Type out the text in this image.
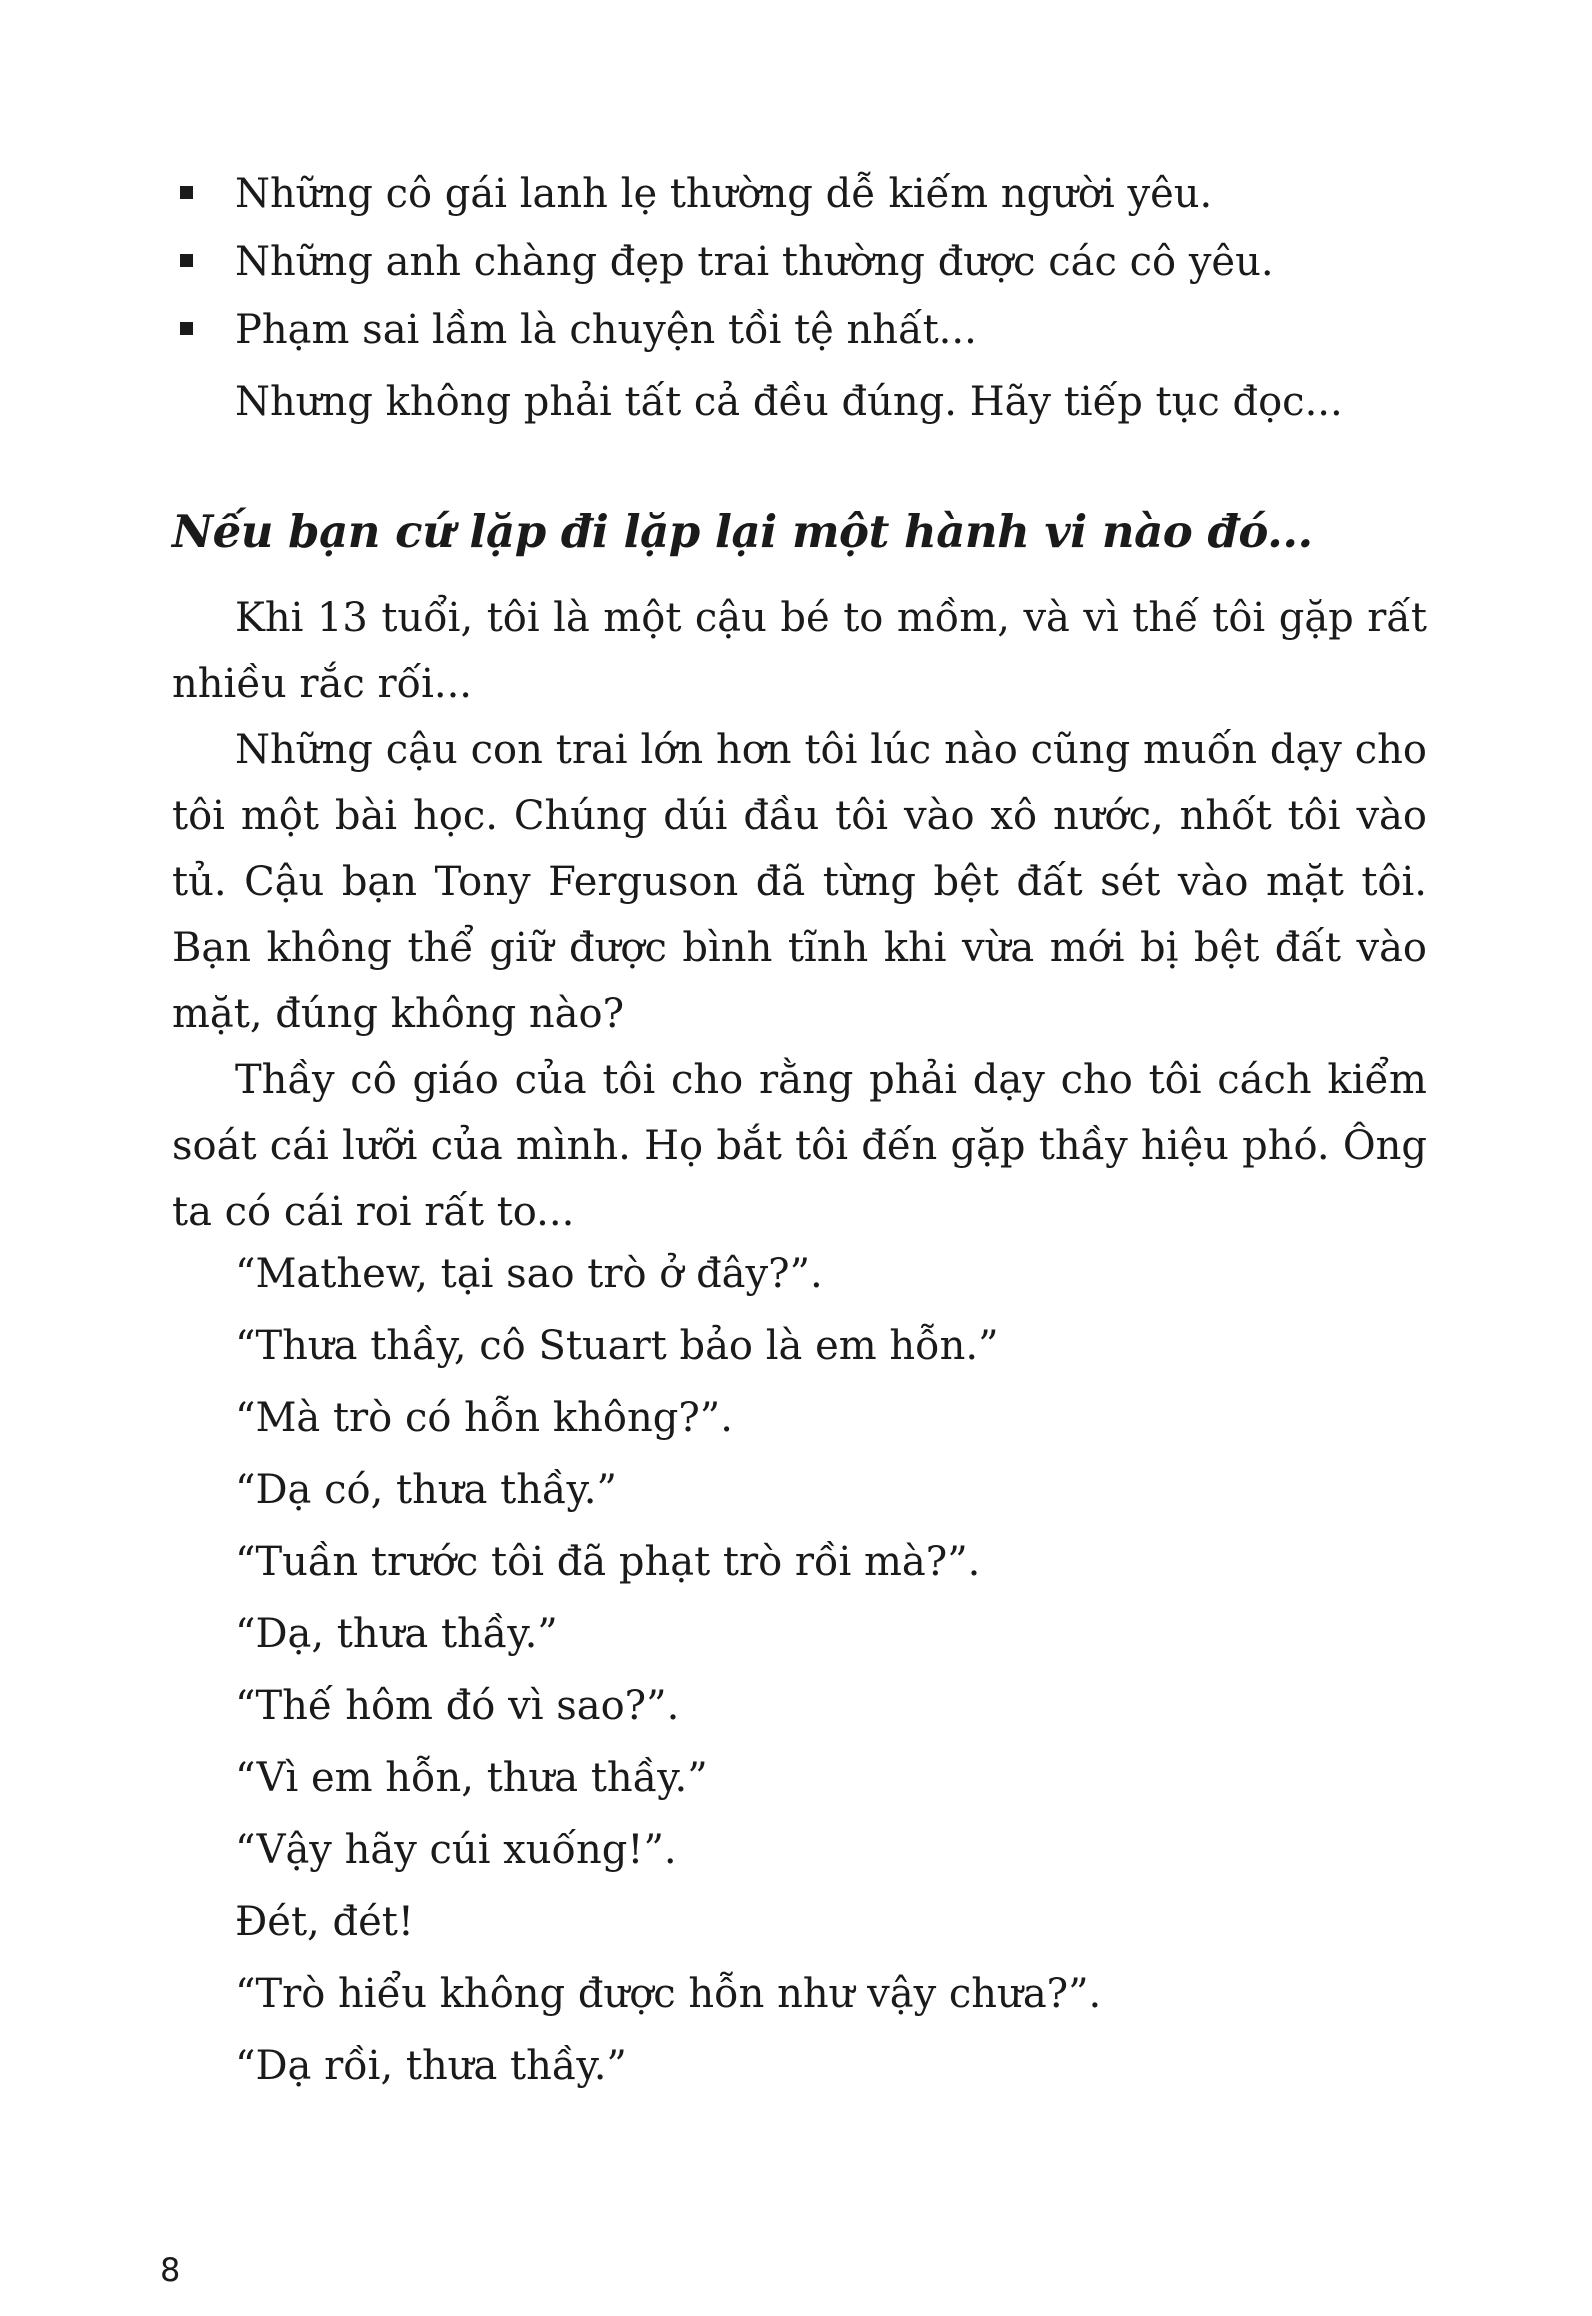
Những cô gái lanh lẹ thường dễ kiếm người yêu.
Những anh chàng đẹp trai thường được các cô yêu.
Phạm sai lầm là chuyện tồi tệ nhất...
Nhưng không phải tất cả đều đúng. Hãy tiếp tục đọc...
Nếu bạn cứ lặp đi lặp lại một hành vi nào đó...

Khi 13 tuổi, tôi là một cậu bé to mồm, và vì thế tôi gặp rất nhiều rắc rối...

Những cậu con trai lớn hơn tôi lúc nào cũng muốn dạy cho tôi một bài học. Chúng dúi đầu tôi vào xô nước, nhốt tôi vào tủ. Cậu bạn Tony Ferguson đã từng bệt đất sét vào mặt tôi. Bạn không thể giữ được bình tĩnh khi vừa mới bị bệt đất vào mặt, đúng không nào?

Thầy cô giáo của tôi cho rằng phải dạy cho tôi cách kiểm soát cái lưỡi của mình. Họ bắt tôi đến gặp thầy hiệu phó. Ông ta có cái roi rất to...

“Mathew, tại sao trò ở đây?”.

“Thưa thầy, cô Stuart bảo là em hỗn.”

“Mà trò có hỗn không?”.

“Dạ có, thưa thầy.”

“Tuần trước tôi đã phạt trò rồi mà?”.

“Dạ, thưa thầy.”

“Thế hôm đó vì sao?”.

“Vì em hỗn, thưa thầy.”

“Vậy hãy cúi xuống!”.

Đét, đét!

“Trò hiểu không được hỗn như vậy chưa?”.

“Dạ rồi, thưa thầy.”

8
